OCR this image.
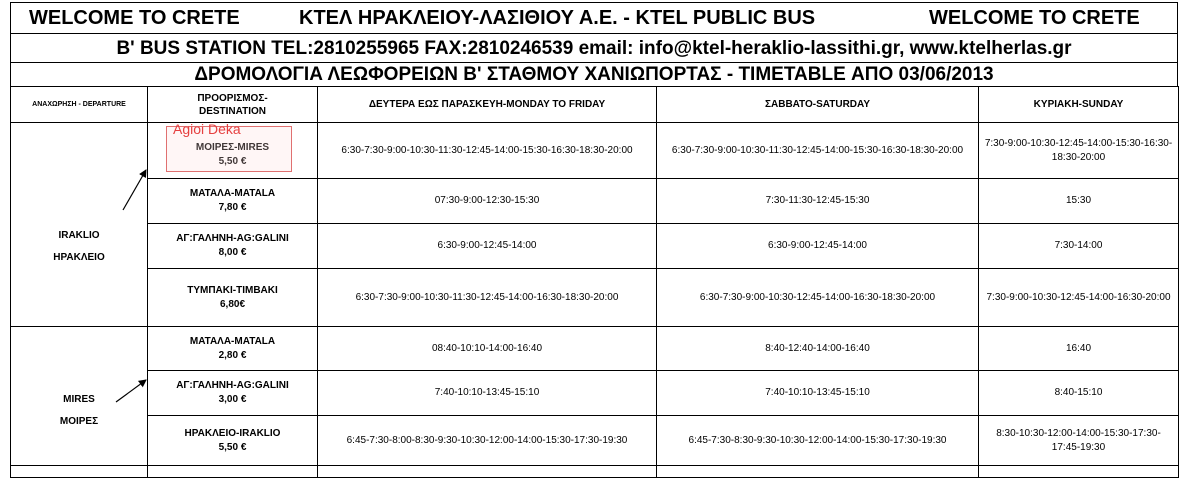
WELCOME TO CRETE	ΚΤΕΛ ΗΡΑΚΛΕΙΟΥ-ΛΑΣΙΘΙΟΥ Α.Ε. - KTEL PUBLIC BUS	WELCOME TO CRETE
B' BUS STATION TEL:2810255965 FAX:2810246539 email: info@ktel-heraklio-lassithi.gr, www.ktelherlas.gr
ΔΡΟΜΟΛΟΓΙΑ ΛΕΩΦΟΡΕΙΩΝ Β' ΣΤΑΘΜΟΥ ΧΑΝΙΩΠΟΡΤΑΣ - TIMETABLE ΑΠΟ 03/06/2013
ΑΝΑΧΩΡΗΣΗ - DEPARTURE	ΠΡΟΟΡΙΣΜΟΣ-
DESTINATION	ΔΕΥΤΕΡΑ ΕΩΣ ΠΑΡΑΣΚΕΥΗ-MONDAY TO FRIDAY	ΣΑΒΒΑΤΟ-SATURDAY	ΚΥΡΙΑΚΗ-SUNDAY

IRAKLIO
ΗΡΑΚΛΕΙΟ	ΜΟΙΡΕΣ-MIRES
5,50 €	6:30-7:30-9:00-10:30-11:30-12:45-14:00-15:30-16:30-18:30-20:00	6:30-7:30-9:00-10:30-11:30-12:45-14:00-15:30-16:30-18:30-20:00	7:30-9:00-10:30-12:45-14:00-15:30-16:30-18:30-20:00

	ΜΑΤΑΛΑ-MATALA
7,80 €	07:30-9:00-12:30-15:30	7:30-11:30-12:45-15:30	15:30

	ΑΓ:ΓΑΛΗΝΗ-AG:GALINI
8,00 €	6:30-9:00-12:45-14:00	6:30-9:00-12:45-14:00	7:30-14:00

	ΤΥΜΠΑΚΙ-TIMBAKI
6,80€	6:30-7:30-9:00-10:30-11:30-12:45-14:00-16:30-18:30-20:00	6:30-7:30-9:00-10:30-12:45-14:00-16:30-18:30-20:00	7:30-9:00-10:30-12:45-14:00-16:30-20:00

MIRES
ΜΟΙΡΕΣ	ΜΑΤΑΛΑ-MATALA
2,80 €	08:40-10:10-14:00-16:40	8:40-12:40-14:00-16:40	16:40

	ΑΓ:ΓΑΛΗΝΗ-AG:GALINI
3,00 €	7:40-10:10-13:45-15:10	7:40-10:10-13:45-15:10	8:40-15:10

	ΗΡΑΚΛΕΙΟ-IRAKLIO
5,50 €	6:45-7:30-8:00-8:30-9:30-10:30-12:00-14:00-15:30-17:30-19:30	6:45-7:30-8:30-9:30-10:30-12:00-14:00-15:30-17:30-19:30	8:30-10:30-12:00-14:00-15:30-17:30-17:45-19:30

Agioi Deka
